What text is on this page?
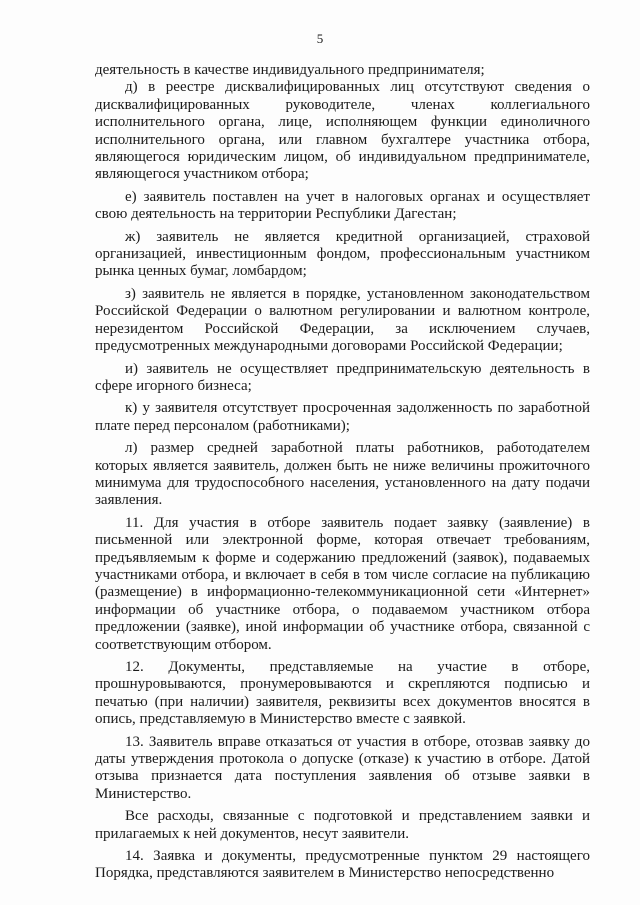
5

деятельность в качестве индивидуального предпринимателя;

д) в реестре дисквалифицированных лиц отсутствуют сведения о дисквалифицированных руководителе, членах коллегиального исполнительного органа, лице, исполняющем функции единоличного исполнительного органа, или главном бухгалтере участника отбора, являющегося юридическим лицом, об индивидуальном предпринимателе, являющегося участником отбора;

е) заявитель поставлен на учет в налоговых органах и осуществляет свою деятельность на территории Республики Дагестан;

ж) заявитель не является кредитной организацией, страховой организацией, инвестиционным фондом, профессиональным участником рынка ценных бумаг, ломбардом;

з) заявитель не является в порядке, установленном законодательством Российской Федерации о валютном регулировании и валютном контроле, нерезидентом Российской Федерации, за исключением случаев, предусмотренных международными договорами Российской Федерации;

и) заявитель не осуществляет предпринимательскую деятельность в сфере игорного бизнеса;

к) у заявителя отсутствует просроченная задолженность по заработной плате перед персоналом (работниками);

л) размер средней заработной платы работников, работодателем которых является заявитель, должен быть не ниже величины прожиточного минимума для трудоспособного населения, установленного на дату подачи заявления.

11. Для участия в отборе заявитель подает заявку (заявление) в письменной или электронной форме, которая отвечает требованиям, предъявляемым к форме и содержанию предложений (заявок), подаваемых участниками отбора, и включает в себя в том числе согласие на публикацию (размещение) в информационно-телекоммуникационной сети «Интернет» информации об участнике отбора, о подаваемом участником отбора предложении (заявке), иной информации об участнике отбора, связанной с соответствующим отбором.

12. Документы, представляемые на участие в отборе, прошнуровываются, пронумеровываются и скрепляются подписью и печатью (при наличии) заявителя, реквизиты всех документов вносятся в опись, представляемую в Министерство вместе с заявкой.

13. Заявитель вправе отказаться от участия в отборе, отозвав заявку до даты утверждения протокола о допуске (отказе) к участию в отборе. Датой отзыва признается дата поступления заявления об отзыве заявки в Министерство.

Все расходы, связанные с подготовкой и представлением заявки и прилагаемых к ней документов, несут заявители.

14. Заявка и документы, предусмотренные пунктом 29 настоящего Порядка, представляются заявителем в Министерство непосредственно
